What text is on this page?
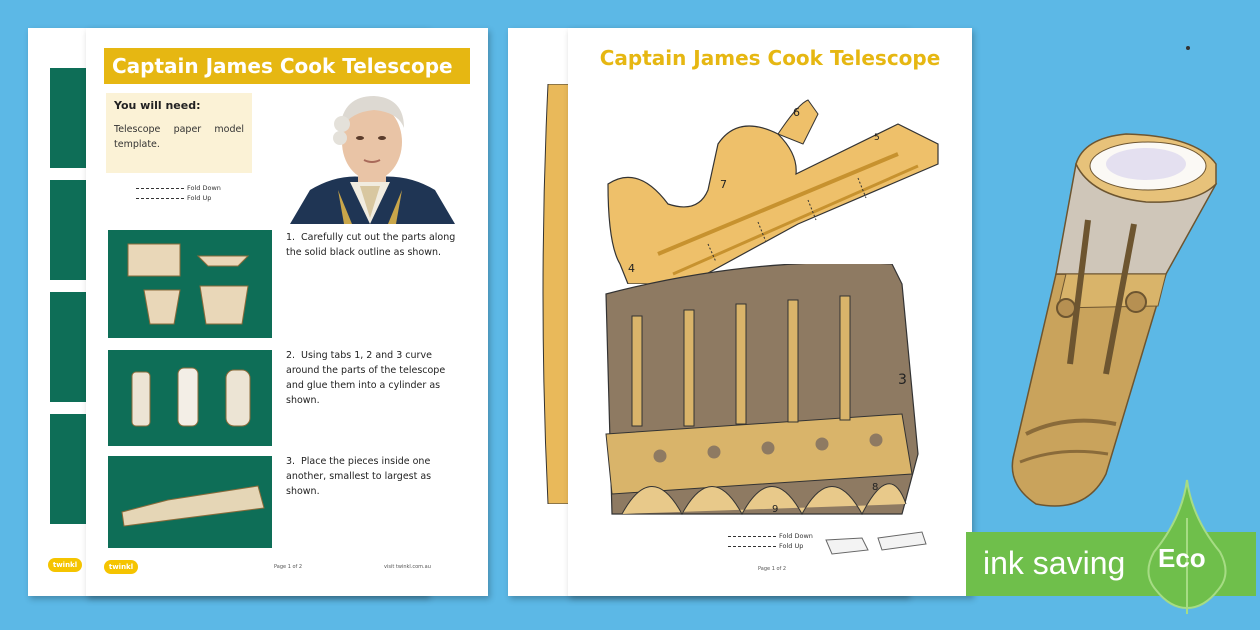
twinkl
Captain James Cook Telescope
You will need:
Telescope paper model template.
Fold Down
Fold Up
1. Carefully cut out the parts along the solid black outline as shown.
2. Using tabs 1, 2 and 3 curve around the parts of the telescope and glue them into a cylinder as shown.
3. Place the pieces inside one another, smallest to largest as shown.
twinkl	Page 1 of 2	visit twinkl.com.au
Captain James Cook Telescope
6
7
5
4
3
9
8
Fold Down
Fold Up
Page 1 of 2	ink saving Eco
